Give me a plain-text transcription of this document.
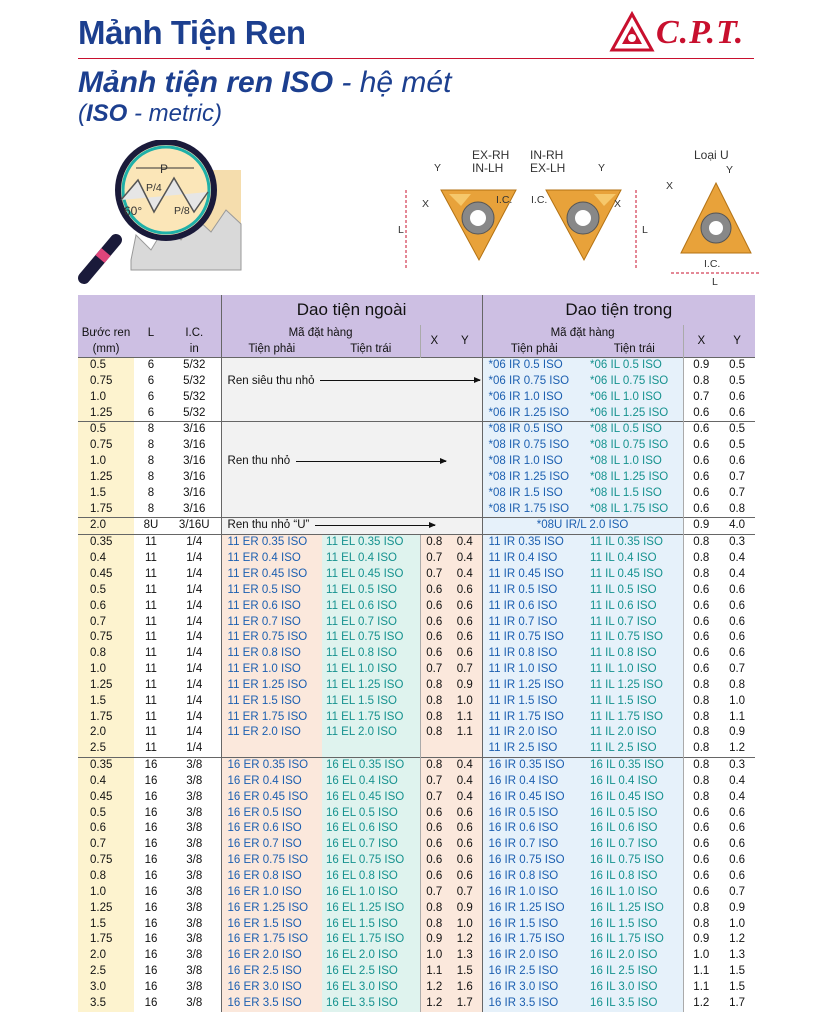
Mảnh Tiện Ren	C.P.T.
Mảnh tiện ren ISO - hệ mét
(ISO - metric)
P
P/4
P/8
60°
EX-RH
IN-LH
IN-RH
EX-LH
Loại U
Y
X	I.C.
L
Y
X
I.C.
L
Y
X
I.C.
L
			Dao tiện ngoài				Dao tiện trong			
Bước ren	L	I.C.	Mã đặt hàng		X	Y	Mã đặt hàng		X	Y
(mm)		in	Tiện phải	Tiện trái			Tiện phải	Tiện trái		
0.5	6	5/32					*06 IR 0.5 ISO	*06 IL 0.5 ISO	0.9	0.5
0.75	6	5/32	Ren siêu thu nhỏ				*06 IR 0.75 ISO	*06 IL 0.75 ISO	0.8	0.5
1.0	6	5/32					*06 IR 1.0 ISO	*06 IL 1.0 ISO	0.7	0.6
1.25	6	5/32					*06 IR 1.25 ISO	*06 IL 1.25 ISO	0.6	0.6
0.5	8	3/16					*08 IR 0.5 ISO	*08 IL 0.5 ISO	0.6	0.5
0.75	8	3/16					*08 IR 0.75 ISO	*08 IL 0.75 ISO	0.6	0.5
1.0	8	3/16	Ren thu nhỏ				*08 IR 1.0 ISO	*08 IL 1.0 ISO	0.6	0.6
1.25	8	3/16					*08 IR 1.25 ISO	*08 IL 1.25 ISO	0.6	0.7
1.5	8	3/16					*08 IR 1.5 ISO	*08 IL 1.5 ISO	0.6	0.7
1.75	8	3/16					*08 IR 1.75 ISO	*08 IL 1.75 ISO	0.6	0.8
2.0	8U	3/16U	Ren thu nhỏ “U”				*08U IR/L 2.0 ISO		0.9	4.0
0.35	11	1/4	11 ER 0.35 ISO	11 EL 0.35 ISO	0.8	0.4	11 IR 0.35 ISO	11 IL 0.35 ISO	0.8	0.3
0.4	11	1/4	11 ER 0.4 ISO	11 EL 0.4 ISO	0.7	0.4	11 IR 0.4 ISO	11 IL 0.4 ISO	0.8	0.4
0.45	11	1/4	11 ER 0.45 ISO	11 EL 0.45 ISO	0.7	0.4	11 IR 0.45 ISO	11 IL 0.45 ISO	0.8	0.4
0.5	11	1/4	11 ER 0.5 ISO	11 EL 0.5 ISO	0.6	0.6	11 IR 0.5 ISO	11 IL 0.5 ISO	0.6	0.6
0.6	11	1/4	11 ER 0.6 ISO	11 EL 0.6 ISO	0.6	0.6	11 IR 0.6 ISO	11 IL 0.6 ISO	0.6	0.6
0.7	11	1/4	11 ER 0.7 ISO	11 EL 0.7 ISO	0.6	0.6	11 IR 0.7 ISO	11 IL 0.7 ISO	0.6	0.6
0.75	11	1/4	11 ER 0.75 ISO	11 EL 0.75 ISO	0.6	0.6	11 IR 0.75 ISO	11 IL 0.75 ISO	0.6	0.6
0.8	11	1/4	11 ER 0.8 ISO	11 EL 0.8 ISO	0.6	0.6	11 IR 0.8 ISO	11 IL 0.8 ISO	0.6	0.6
1.0	11	1/4	11 ER 1.0 ISO	11 EL 1.0 ISO	0.7	0.7	11 IR 1.0 ISO	11 IL 1.0 ISO	0.6	0.7
1.25	11	1/4	11 ER 1.25 ISO	11 EL 1.25 ISO	0.8	0.9	11 IR 1.25 ISO	11 IL 1.25 ISO	0.8	0.8
1.5	11	1/4	11 ER 1.5 ISO	11 EL 1.5 ISO	0.8	1.0	11 IR 1.5 ISO	11 IL 1.5 ISO	0.8	1.0
1.75	11	1/4	11 ER 1.75 ISO	11 EL 1.75 ISO	0.8	1.1	11 IR 1.75 ISO	11 IL 1.75 ISO	0.8	1.1
2.0	11	1/4	11 ER 2.0 ISO	11 EL 2.0 ISO	0.8	1.1	11 IR 2.0 ISO	11 IL 2.0 ISO	0.8	0.9
2.5	11	1/4					11 IR 2.5 ISO	11 IL 2.5 ISO	0.8	1.2
0.35	16	3/8	16 ER 0.35 ISO	16 EL 0.35 ISO	0.8	0.4	16 IR 0.35 ISO	16 IL 0.35 ISO	0.8	0.3
0.4	16	3/8	16 ER 0.4 ISO	16 EL 0.4 ISO	0.7	0.4	16 IR 0.4 ISO	16 IL 0.4 ISO	0.8	0.4
0.45	16	3/8	16 ER 0.45 ISO	16 EL 0.45 ISO	0.7	0.4	16 IR 0.45 ISO	16 IL 0.45 ISO	0.8	0.4
0.5	16	3/8	16 ER 0.5 ISO	16 EL 0.5 ISO	0.6	0.6	16 IR 0.5 ISO	16 IL 0.5 ISO	0.6	0.6
0.6	16	3/8	16 ER 0.6 ISO	16 EL 0.6 ISO	0.6	0.6	16 IR 0.6 ISO	16 IL 0.6 ISO	0.6	0.6
0.7	16	3/8	16 ER 0.7 ISO	16 EL 0.7 ISO	0.6	0.6	16 IR 0.7 ISO	16 IL 0.7 ISO	0.6	0.6
0.75	16	3/8	16 ER 0.75 ISO	16 EL 0.75 ISO	0.6	0.6	16 IR 0.75 ISO	16 IL 0.75 ISO	0.6	0.6
0.8	16	3/8	16 ER 0.8 ISO	16 EL 0.8 ISO	0.6	0.6	16 IR 0.8 ISO	16 IL 0.8 ISO	0.6	0.6
1.0	16	3/8	16 ER 1.0 ISO	16 EL 1.0 ISO	0.7	0.7	16 IR 1.0 ISO	16 IL 1.0 ISO	0.6	0.7
1.25	16	3/8	16 ER 1.25 ISO	16 EL 1.25 ISO	0.8	0.9	16 IR 1.25 ISO	16 IL 1.25 ISO	0.8	0.9
1.5	16	3/8	16 ER 1.5 ISO	16 EL 1.5 ISO	0.8	1.0	16 IR 1.5 ISO	16 IL 1.5 ISO	0.8	1.0
1.75	16	3/8	16 ER 1.75 ISO	16 EL 1.75 ISO	0.9	1.2	16 IR 1.75 ISO	16 IL 1.75 ISO	0.9	1.2
2.0	16	3/8	16 ER 2.0 ISO	16 EL 2.0 ISO	1.0	1.3	16 IR 2.0 ISO	16 IL 2.0 ISO	1.0	1.3
2.5	16	3/8	16 ER 2.5 ISO	16 EL 2.5 ISO	1.1	1.5	16 IR 2.5 ISO	16 IL 2.5 ISO	1.1	1.5
3.0	16	3/8	16 ER 3.0 ISO	16 EL 3.0 ISO	1.2	1.6	16 IR 3.0 ISO	16 IL 3.0 ISO	1.1	1.5
3.5	16	3/8	16 ER 3.5 ISO	16 EL 3.5 ISO	1.2	1.7	16 IR 3.5 ISO	16 IL 3.5 ISO	1.2	1.7
